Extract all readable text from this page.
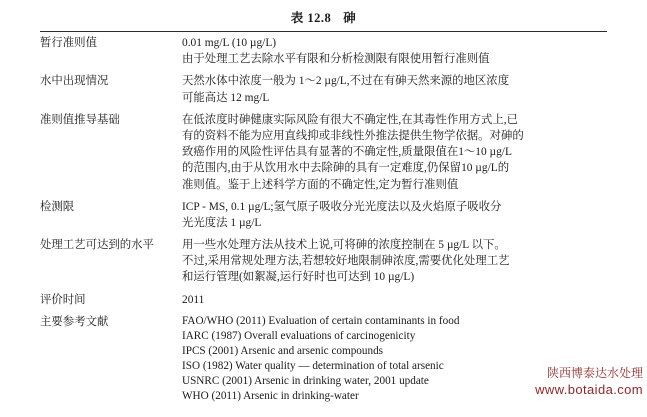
表 12.8 砷
暂行准则值	0.01 mg/L (10 µg/L)
由于处理工艺去除水平有限和分析检测限有限使用暂行准则值

水中出现情况	天然水体中浓度一般为 1～2 µg/L,不过在有砷天然来源的地区浓度
可能高达 12 mg/L

准则值推导基础	在低浓度时砷健康实际风险有很大不确定性,在其毒性作用方式上,已
有的资料不能为应用直线抑或非线性外推法提供生物学依据。对砷的
致癌作用的风险性评估具有显著的不确定性,质量限值在1～10 µg/L
的范围内,由于从饮用水中去除砷的具有一定难度,仍保留10 µg/L的
准则值。鉴于上述科学方面的不确定性,定为暂行准则值

检测限	ICP - MS, 0.1 µg/L;氢气原子吸收分光光度法以及火焰原子吸收分
光光度法 1 µg/L

处理工艺可达到的水平	用一些水处理方法从技术上说,可将砷的浓度控制在 5 µg/L 以下。
不过,采用常规处理方法,若想较好地限制砷浓度,需要优化处理工艺
和运行管理(如絮凝,运行好时也可达到 10 µg/L)

评价时间	2011

主要参考文献	FAO/WHO (2011) Evaluation of certain contaminants in food
IARC (1987) Overall evaluations of carcinogenicity
IPCS (2001) Arsenic and arsenic compounds
ISO (1982) Water quality — determination of total arsenic
USNRC (2001) Arsenic in drinking water, 2001 update
WHO (2011) Arsenic in drinking-water
陕西博泰达水处理
www.botaida.com
